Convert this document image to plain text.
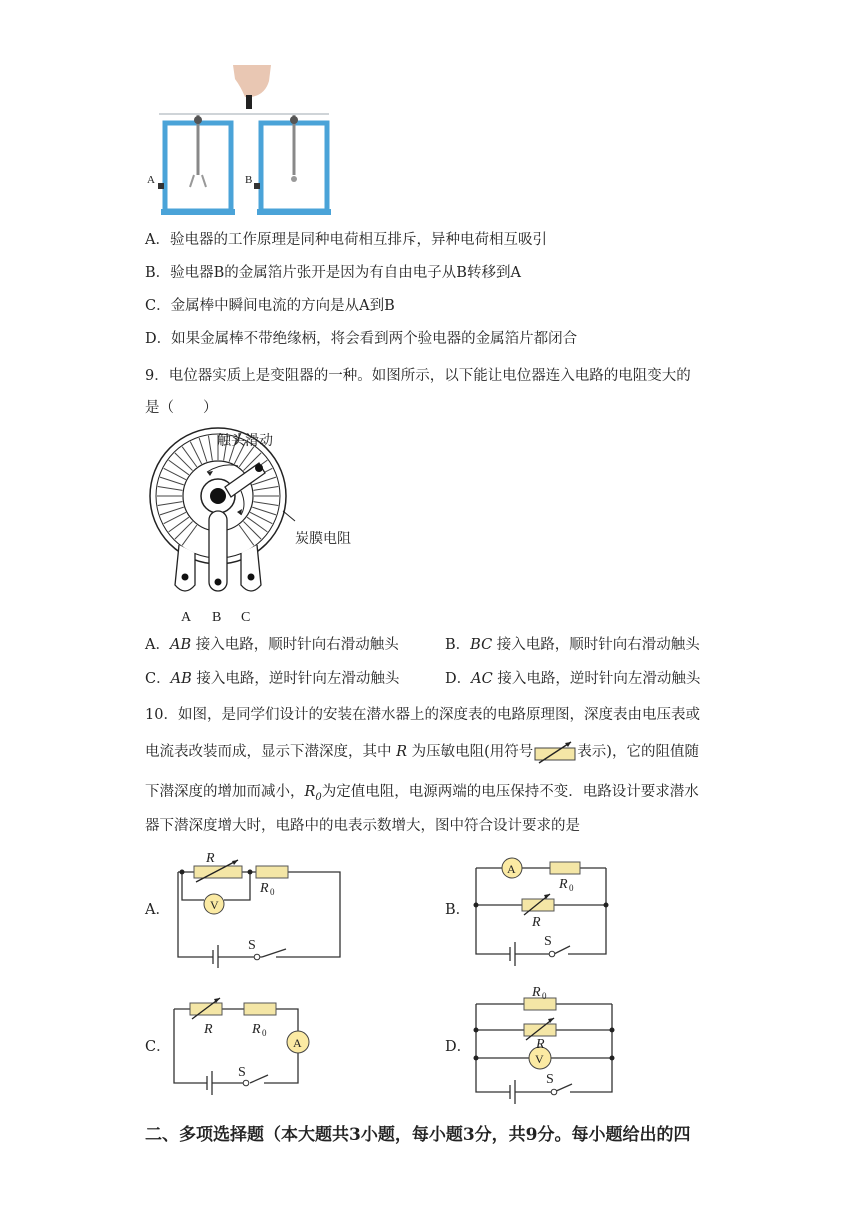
A	B
A．验电器的工作原理是同种电荷相互排斥，异种电荷相互吸引
B．验电器B的金属箔片张开是因为有自由电子从B转移到A
C．金属棒中瞬间电流的方向是从A到B
D．如果金属棒不带绝缘柄，将会看到两个验电器的金属箔片都闭合
9．电位器实质上是变阻器的一种。如图所示，以下能让电位器连入电路的电阻变大的
是（　　）
触头滑动
炭膜电阻
A B C
A．AB 接入电路，顺时针向右滑动触头	B．BC 接入电路，顺时针向右滑动触头
C．AB 接入电路，逆时针向左滑动触头	D．AC 接入电路，逆时针向左滑动触头
10．如图，是同学们设计的安装在潜水器上的深度表的电路原理图，深度表由电压表或
电流表改装而成，显示下潜深度，其中 R 为压敏电阻(用符号	表示)，它的阻值随
下潜深度的增加而减小，$R_0$为定值电阻，电源两端的电压保持不变．电路设计要求潜水
器下潜深度增大时，电路中的电表示数增大，图中符合设计要求的是
A．	V
R
R 0
S
B．
A
R 0
R
S
C．	A
R	R 0
S
D．
V
R 0
R
S
二、多项选择题（本大题共3小题，每小题3分，共9分。每小题给出的四
